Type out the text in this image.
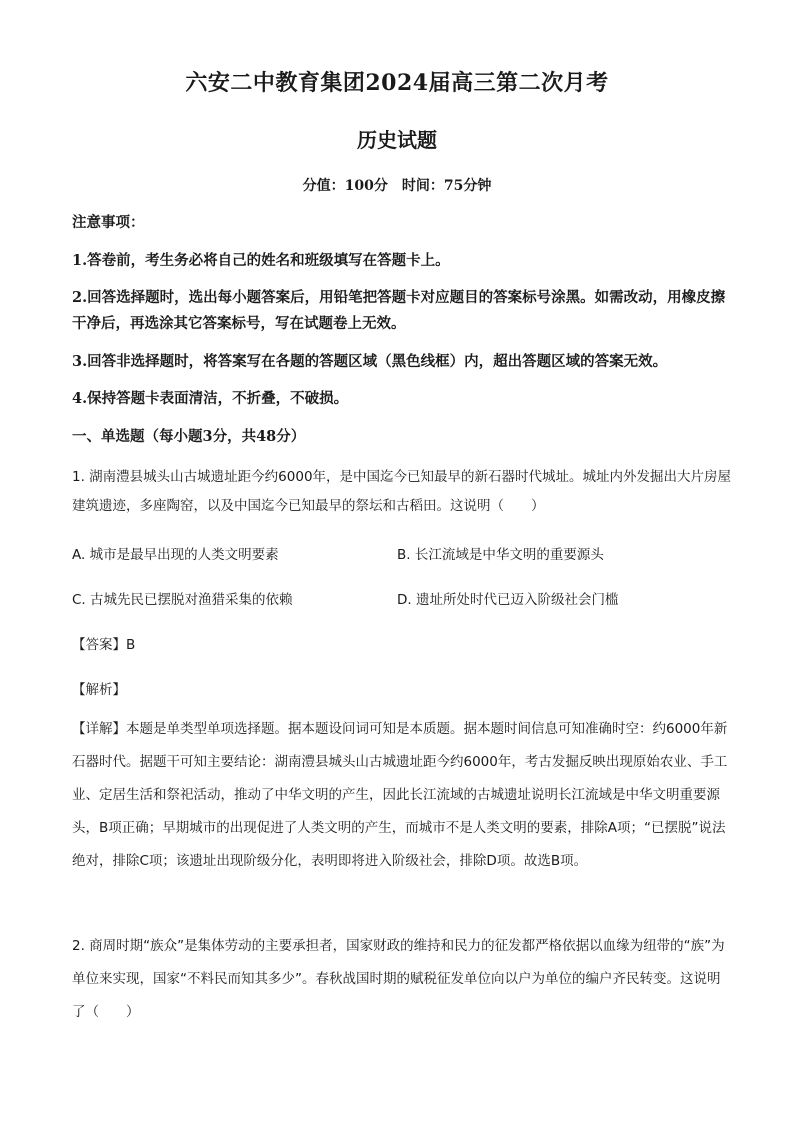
六安二中教育集团2024届高三第二次月考
历史试题
分值：100分　时间：75分钟
注意事项：
1.答卷前，考生务必将自己的姓名和班级填写在答题卡上。
2.回答选择题时，选出每小题答案后，用铅笔把答题卡对应题目的答案标号涂黑。如需改动，用橡皮擦干净后，再选涂其它答案标号，写在试题卷上无效。
3.回答非选择题时，将答案写在各题的答题区域（黑色线框）内，超出答题区域的答案无效。
4.保持答题卡表面清洁，不折叠，不破损。
一、单选题（每小题3分，共48分）
1. 湖南澧县城头山古城遗址距今约6000年，是中国迄今已知最早的新石器时代城址。城址内外发掘出大片房屋建筑遗迹，多座陶窑，以及中国迄今已知最早的祭坛和古稻田。这说明（　　）
A. 城市是最早出现的人类文明要素	B. 长江流域是中华文明的重要源头
C. 古城先民已摆脱对渔猎采集的依赖	D. 遗址所处时代已迈入阶级社会门槛
【答案】B
【解析】
【详解】本题是单类型单项选择题。据本题设问词可知是本质题。据本题时间信息可知准确时空：约6000年新石器时代。据题干可知主要结论：湖南澧县城头山古城遗址距今约6000年，考古发掘反映出现原始农业、手工业、定居生活和祭祀活动，推动了中华文明的产生，因此长江流域的古城遗址说明长江流域是中华文明重要源头，B项正确；早期城市的出现促进了人类文明的产生，而城市不是人类文明的要素，排除A项；“已摆脱”说法绝对，排除C项；该遗址出现阶级分化，表明即将进入阶级社会，排除D项。故选B项。
2. 商周时期“族众”是集体劳动的主要承担者，国家财政的维持和民力的征发都严格依据以血缘为纽带的“族”为单位来实现，国家“不料民而知其多少”。春秋战国时期的赋税征发单位向以户为单位的编户齐民转变。这说明了（　　）
